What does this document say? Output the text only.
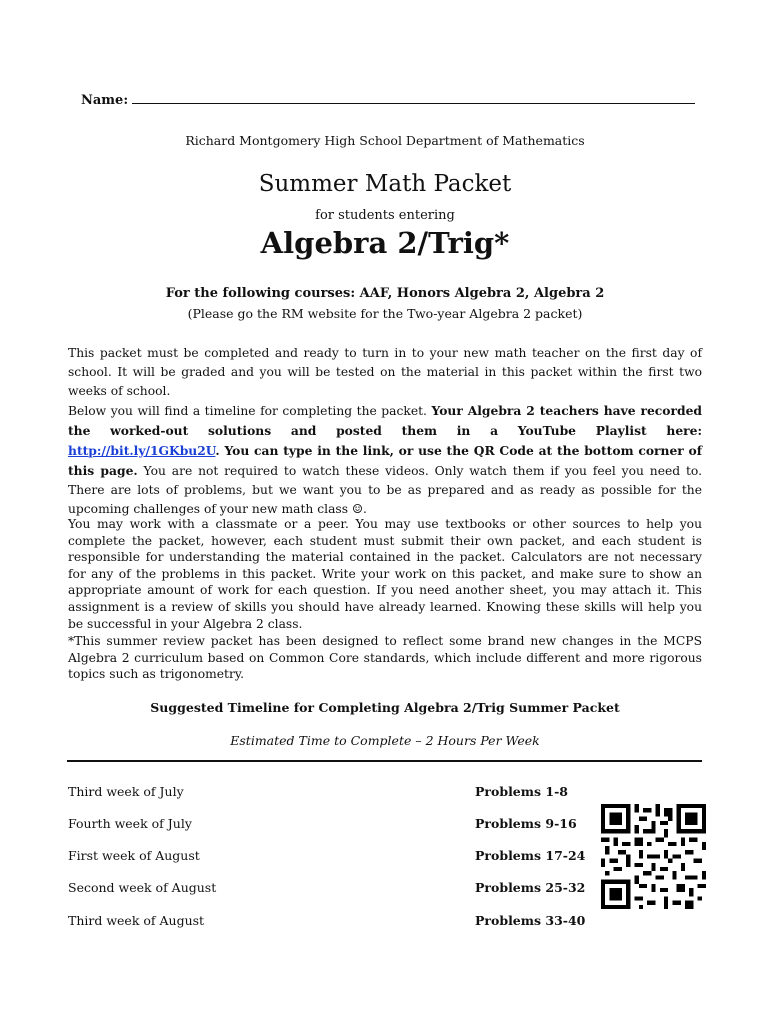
Name:
Richard Montgomery High School Department of Mathematics
Summer Math Packet
for students entering
Algebra 2/Trig*
For the following courses: AAF, Honors Algebra 2, Algebra 2
(Please go the RM website for the Two-year Algebra 2 packet)

This packet must be completed and ready to turn in to your new math teacher on the first day of school. It will be graded and you will be tested on the material in this packet within the first two weeks of school.

Below you will find a timeline for completing the packet. Your Algebra 2 teachers have recorded the worked-out solutions and posted them in a YouTube Playlist here: http://bit.ly/1GKbu2U. You can type in the link, or use the QR Code at the bottom corner of this page. You are not required to watch these videos. Only watch them if you feel you need to. There are lots of problems, but we want you to be as prepared and as ready as possible for the upcoming challenges of your new math class ☺.

You may work with a classmate or a peer. You may use textbooks or other sources to help you complete the packet, however, each student must submit their own packet, and each student is responsible for understanding the material contained in the packet. Calculators are not necessary for any of the problems in this packet. Write your work on this packet, and make sure to show an appropriate amount of work for each question. If you need another sheet, you may attach it. This assignment is a review of skills you should have already learned. Knowing these skills will help you be successful in your Algebra 2 class.

*This summer review packet has been designed to reflect some brand new changes in the MCPS Algebra 2 curriculum based on Common Core standards, which include different and more rigorous topics such as trigonometry.

Suggested Timeline for Completing Algebra 2/Trig Summer Packet
Estimated Time to Complete – 2 Hours Per Week
Third week of July	Problems 1-8
Fourth week of July	Problems 9-16
First week of August	Problems 17-24
Second week of August	Problems 25-32
Third week of August	Problems 33-40
